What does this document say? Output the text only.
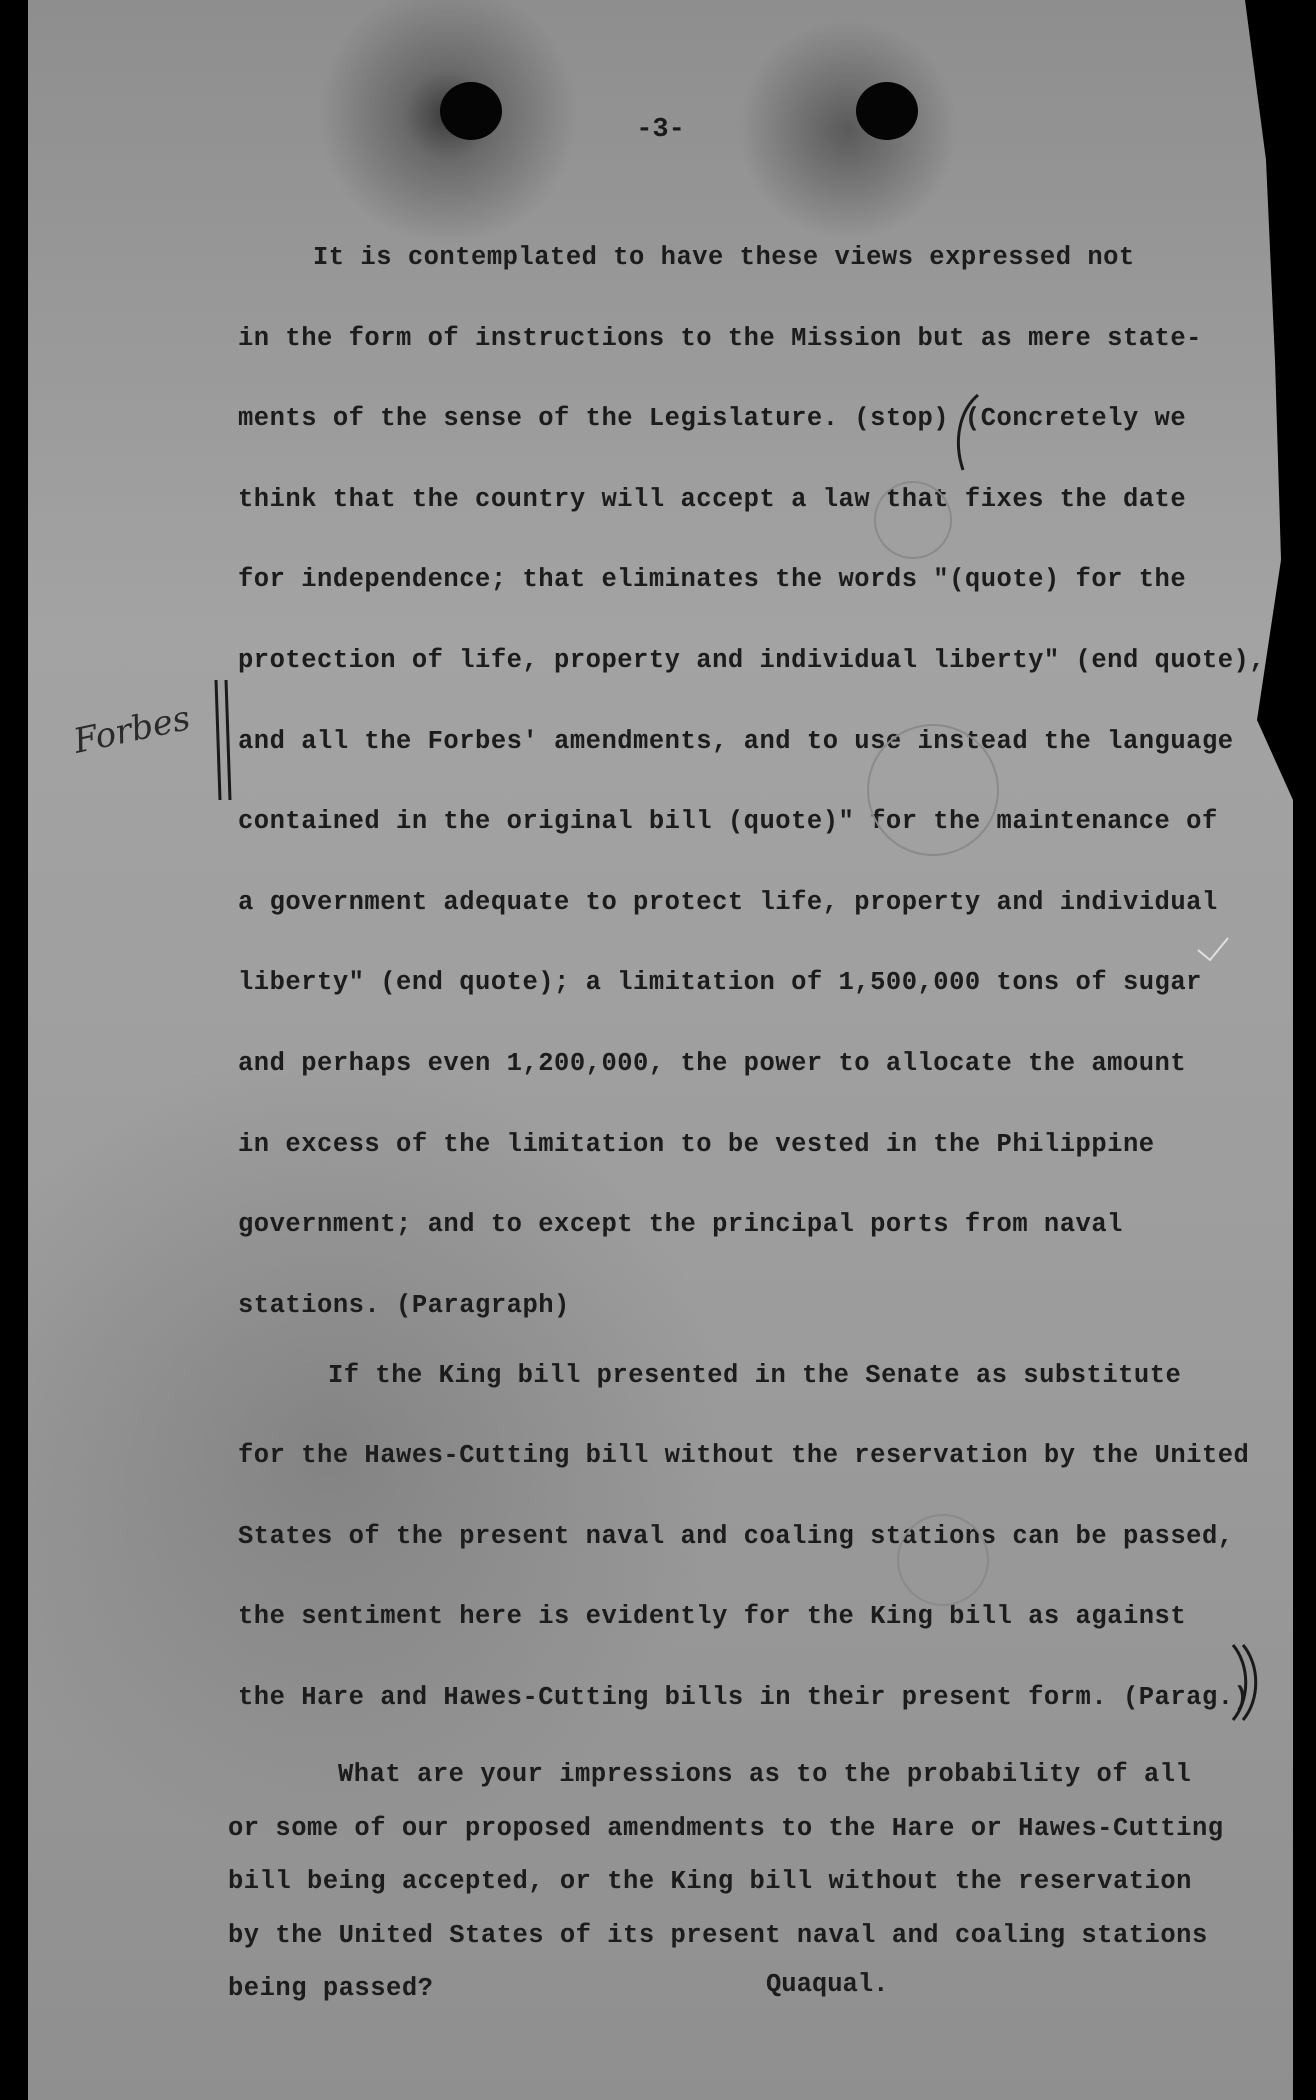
-3-
It is contemplated to have these views expressed not
in the form of instructions to the Mission but as mere state-
ments of the sense of the Legislature. (stop) (Concretely we
think that the country will accept a law that fixes the date
for independence; that eliminates the words "(quote) for the
protection of life, property and individual liberty" (end quote),
and all the Forbes' amendments, and to use instead the language
contained in the original bill (quote)" for the maintenance of
a government adequate to protect life, property and individual
liberty" (end quote); a limitation of 1,500,000 tons of sugar
and perhaps even 1,200,000, the power to allocate the amount
in excess of the limitation to be vested in the Philippine
government; and to except the principal ports from naval
stations. (Paragraph)
If the King bill presented in the Senate as substitute
for the Hawes-Cutting bill without the reservation by the United
States of the present naval and coaling stations can be passed,
the sentiment here is evidently for the King bill as against
the Hare and Hawes-Cutting bills in their present form. (Parag.)
What are your impressions as to the probability of all
or some of our proposed amendments to the Hare or Hawes-Cutting
bill being accepted, or the King bill without the reservation
by the United States of its present naval and coaling stations
being passed?	Quaqual.
Forbes
